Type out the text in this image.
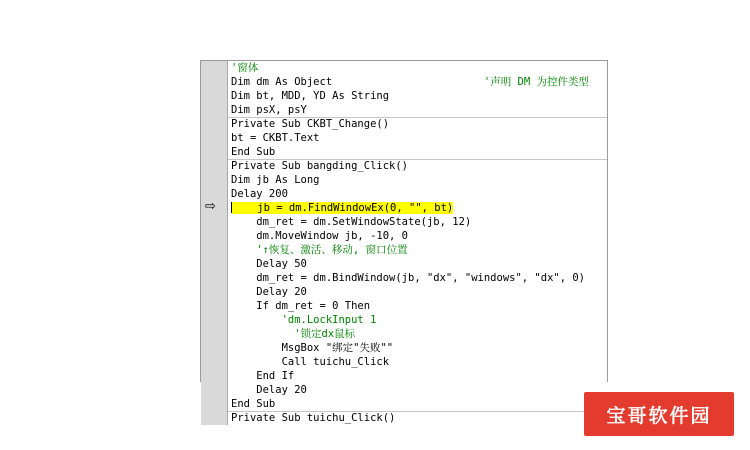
⇨
'窗体
Dim dm As Object	'声明 DM 为控件类型
Dim bt, MDD, YD As String
Dim psX, psY
Private Sub CKBT_Change()
bt = CKBT.Text
End Sub
Private Sub bangding_Click()
Dim jb As Long
Delay 200
jb = dm.FindWindowEx(0, "", bt)
dm_ret = dm.SetWindowState(jb, 12)
dm.MoveWindow jb, -10, 0
'↑恢复、激活、移动, 窗口位置
Delay 50
dm_ret = dm.BindWindow(jb, "dx", "windows", "dx", 0)
Delay 20
If dm_ret = 0 Then
'dm.LockInput 1
'锁定dx鼠标
MsgBox "绑定"失败""
Call tuichu_Click
End If
Delay 20
End Sub
Private Sub tuichu_Click()	宝哥软件园
